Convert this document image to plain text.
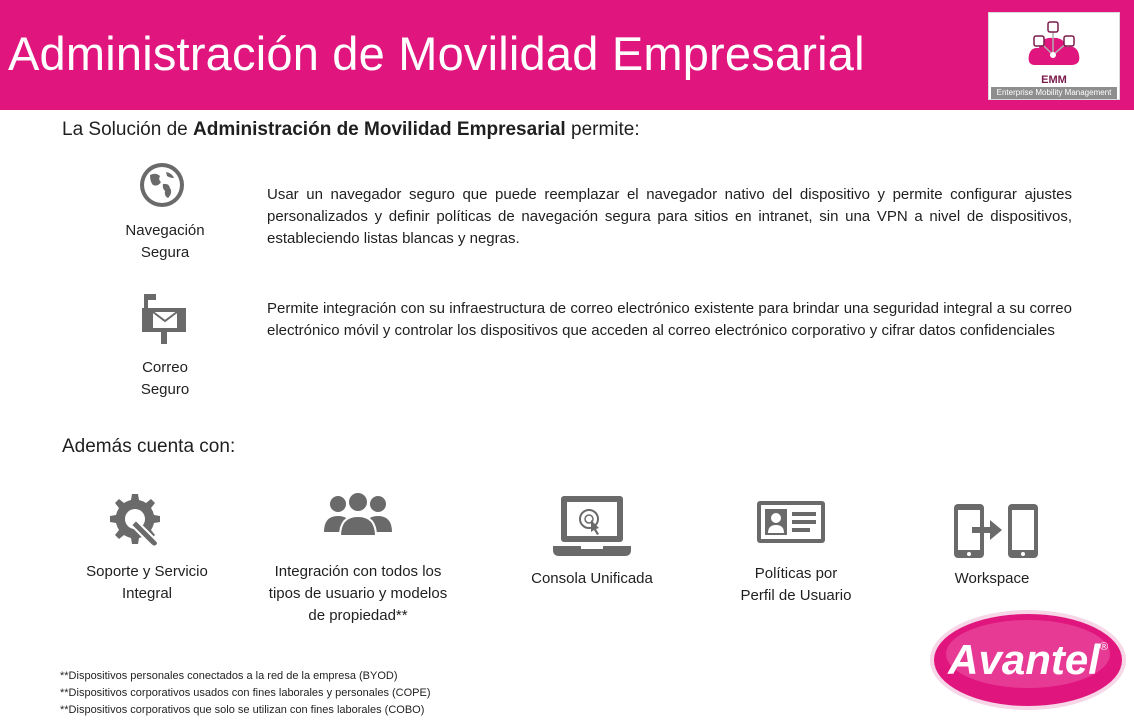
Administración de Movilidad Empresarial	EMM
Enterprise Mobility Management

La Solución de Administración de Movilidad Empresarial permite:

Navegación
Segura
Usar un navegador seguro que puede reemplazar el navegador nativo del dispositivo y permite configurar ajustes personalizados y definir políticas de navegación segura para sitios en intranet, sin una VPN a nivel de dispositivos, estableciendo listas blancas y negras.
Correo
Seguro
Permite integración con su infraestructura de correo electrónico existente para brindar una seguridad integral a su correo electrónico móvil y controlar los dispositivos que acceden al correo electrónico corporativo y cifrar datos confidenciales

Además cuenta con:

Soporte y Servicio
Integral
Integración con todos los
tipos de usuario y modelos
de propiedad**
Consola Unificada	Políticas por
Perfil de Usuario
Workspace
**Dispositivos personales conectados a la red de la empresa (BYOD)
**Dispositivos corporativos usados con fines laborales y personales (COPE)
**Dispositivos corporativos que solo se utilizan con fines laborales (COBO)
Avantel ®
